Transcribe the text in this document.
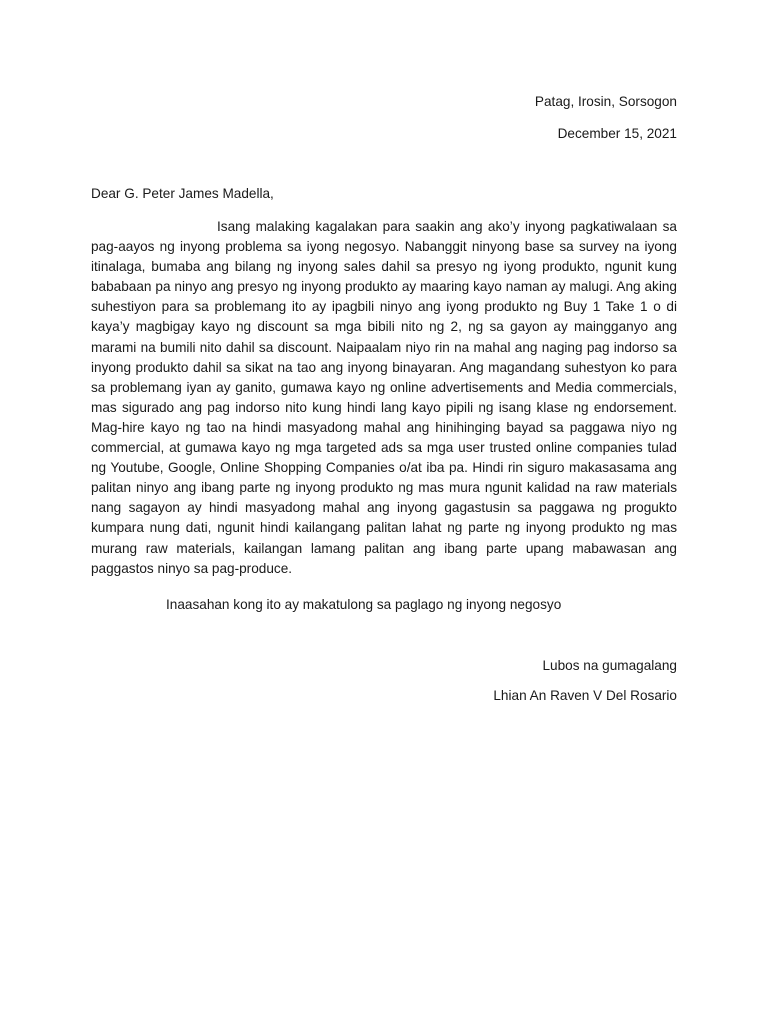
Patag, Irosin, Sorsogon
December 15, 2021
Dear G. Peter James Madella,

Isang malaking kagalakan para saakin ang ako’y inyong pagkatiwalaan sa pag-aayos ng inyong problema sa iyong negosyo. Nabanggit ninyong base sa survey na iyong itinalaga, bumaba ang bilang ng inyong sales dahil sa presyo ng iyong produkto, ngunit kung bababaan pa ninyo ang presyo ng inyong produkto ay maaring kayo naman ay malugi. Ang aking suhestiyon para sa problemang ito ay ipagbili ninyo ang iyong produkto ng Buy 1 Take 1 o di kaya’y magbigay kayo ng discount sa mga bibili nito ng 2, ng sa gayon ay maingganyo ang marami na bumili nito dahil sa discount. Naipaalam niyo rin na mahal ang naging pag indorso sa inyong produkto dahil sa sikat na tao ang inyong binayaran. Ang magandang suhestyon ko para sa problemang iyan ay ganito, gumawa kayo ng online advertisements and Media commercials, mas sigurado ang pag indorso nito kung hindi lang kayo pipili ng isang klase ng endorsement. Mag-hire kayo ng tao na hindi masyadong mahal ang hinihinging bayad sa paggawa niyo ng commercial, at gumawa kayo ng mga targeted ads sa mga user trusted online companies tulad ng Youtube, Google, Online Shopping Companies o/at iba pa. Hindi rin siguro makasasama ang palitan ninyo ang ibang parte ng inyong produkto ng mas mura ngunit kalidad na raw materials nang sagayon ay hindi masyadong mahal ang inyong gagastusin sa paggawa ng progukto kumpara nung dati, ngunit hindi kailangang palitan lahat ng parte ng inyong produkto ng mas murang raw materials, kailangan lamang palitan ang ibang parte upang mabawasan ang paggastos ninyo sa pag-produce.

Inaasahan kong ito ay makatulong sa paglago ng inyong negosyo
Lubos na gumagalang
Lhian An Raven V Del Rosario
